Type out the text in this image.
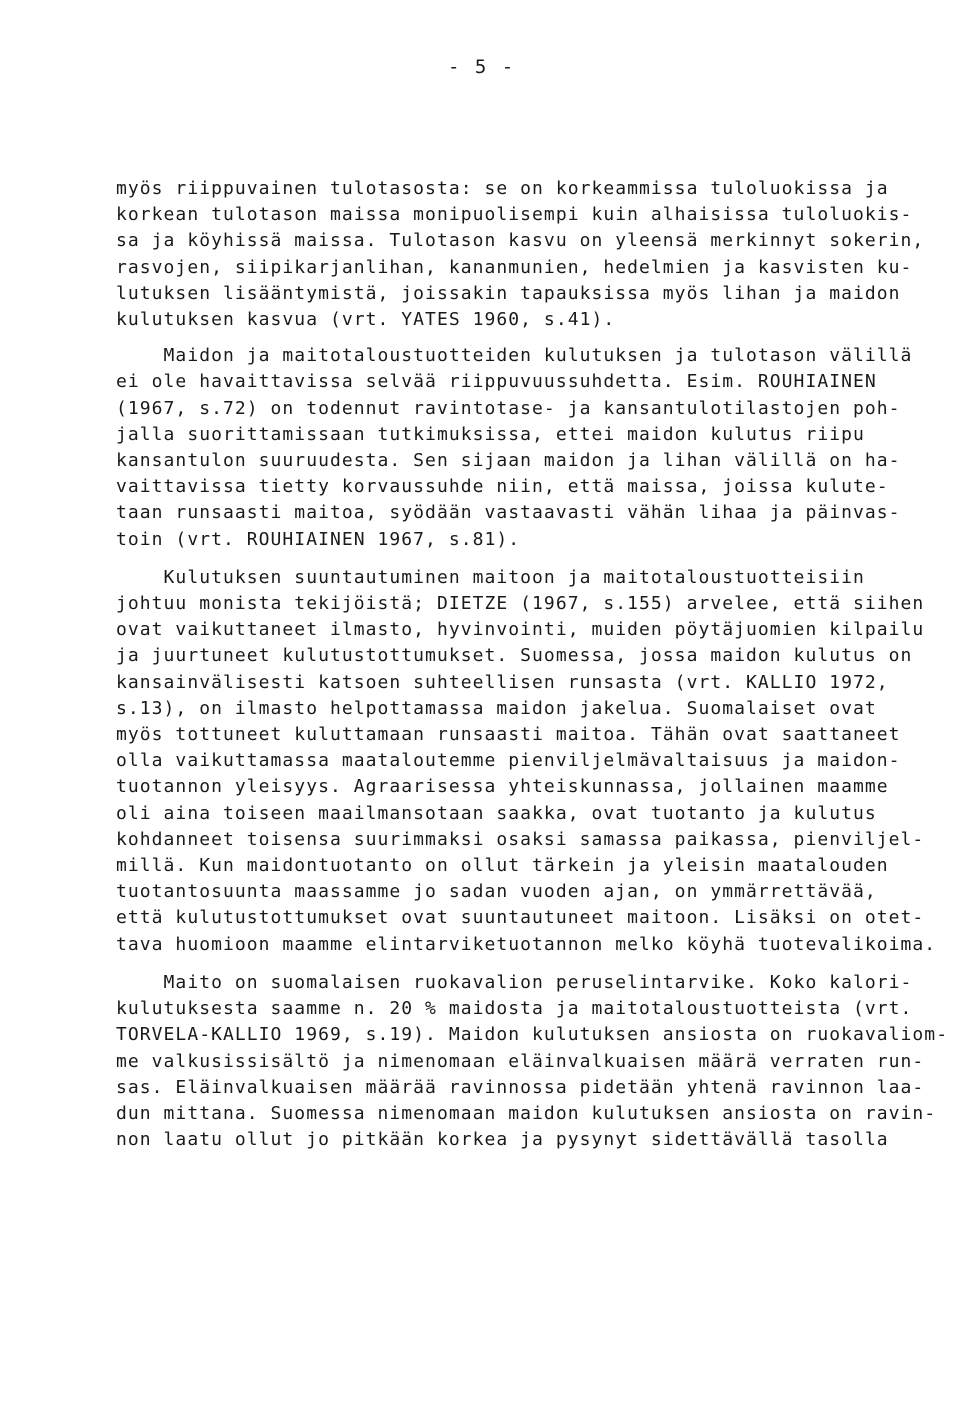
- 5 -
myös riippuvainen tulotasosta: se on korkeammissa tuloluokissa ja
korkean tulotason maissa monipuolisempi kuin alhaisissa tuloluokis-
sa ja köyhissä maissa. Tulotason kasvu on yleensä merkinnyt sokerin,
rasvojen, siipikarjanlihan, kananmunien, hedelmien ja kasvisten ku-
lutuksen lisääntymistä, joissakin tapauksissa myös lihan ja maidon
kulutuksen kasvua (vrt. YATES 1960, s.41).
Maidon ja maitotaloustuotteiden kulutuksen ja tulotason välillä
ei ole havaittavissa selvää riippuvuussuhdetta. Esim. ROUHIAINEN
(1967, s.72) on todennut ravintotase- ja kansantulotilastojen poh-
jalla suorittamissaan tutkimuksissa, ettei maidon kulutus riipu
kansantulon suuruudesta. Sen sijaan maidon ja lihan välillä on ha-
vaittavissa tietty korvaussuhde niin, että maissa, joissa kulute-
taan runsaasti maitoa, syödään vastaavasti vähän lihaa ja päinvas-
toin (vrt. ROUHIAINEN 1967, s.81).
Kulutuksen suuntautuminen maitoon ja maitotaloustuotteisiin
johtuu monista tekijöistä; DIETZE (1967, s.155) arvelee, että siihen
ovat vaikuttaneet ilmasto, hyvinvointi, muiden pöytäjuomien kilpailu
ja juurtuneet kulutustottumukset. Suomessa, jossa maidon kulutus on
kansainvälisesti katsoen suhteellisen runsasta (vrt. KALLIO 1972,
s.13), on ilmasto helpottamassa maidon jakelua. Suomalaiset ovat
myös tottuneet kuluttamaan runsaasti maitoa. Tähän ovat saattaneet
olla vaikuttamassa maataloutemme pienviljelmävaltaisuus ja maidon-
tuotannon yleisyys. Agraarisessa yhteiskunnassa, jollainen maamme
oli aina toiseen maailmansotaan saakka, ovat tuotanto ja kulutus
kohdanneet toisensa suurimmaksi osaksi samassa paikassa, pienviljel-
millä. Kun maidontuotanto on ollut tärkein ja yleisin maatalouden
tuotantosuunta maassamme jo sadan vuoden ajan, on ymmärrettävää,
että kulutustottumukset ovat suuntautuneet maitoon. Lisäksi on otet-
tava huomioon maamme elintarviketuotannon melko köyhä tuotevalikoima.
Maito on suomalaisen ruokavalion peruselintarvike. Koko kalori-
kulutuksesta saamme n. 20 % maidosta ja maitotaloustuotteista (vrt.
TORVELA-KALLIO 1969, s.19). Maidon kulutuksen ansiosta on ruokavaliom-
me valkusissisältö ja nimenomaan eläinvalkuaisen määrä verraten run-
sas. Eläinvalkuaisen määrää ravinnossa pidetään yhtenä ravinnon laa-
dun mittana. Suomessa nimenomaan maidon kulutuksen ansiosta on ravin-
non laatu ollut jo pitkään korkea ja pysynyt sidettävällä tasolla
